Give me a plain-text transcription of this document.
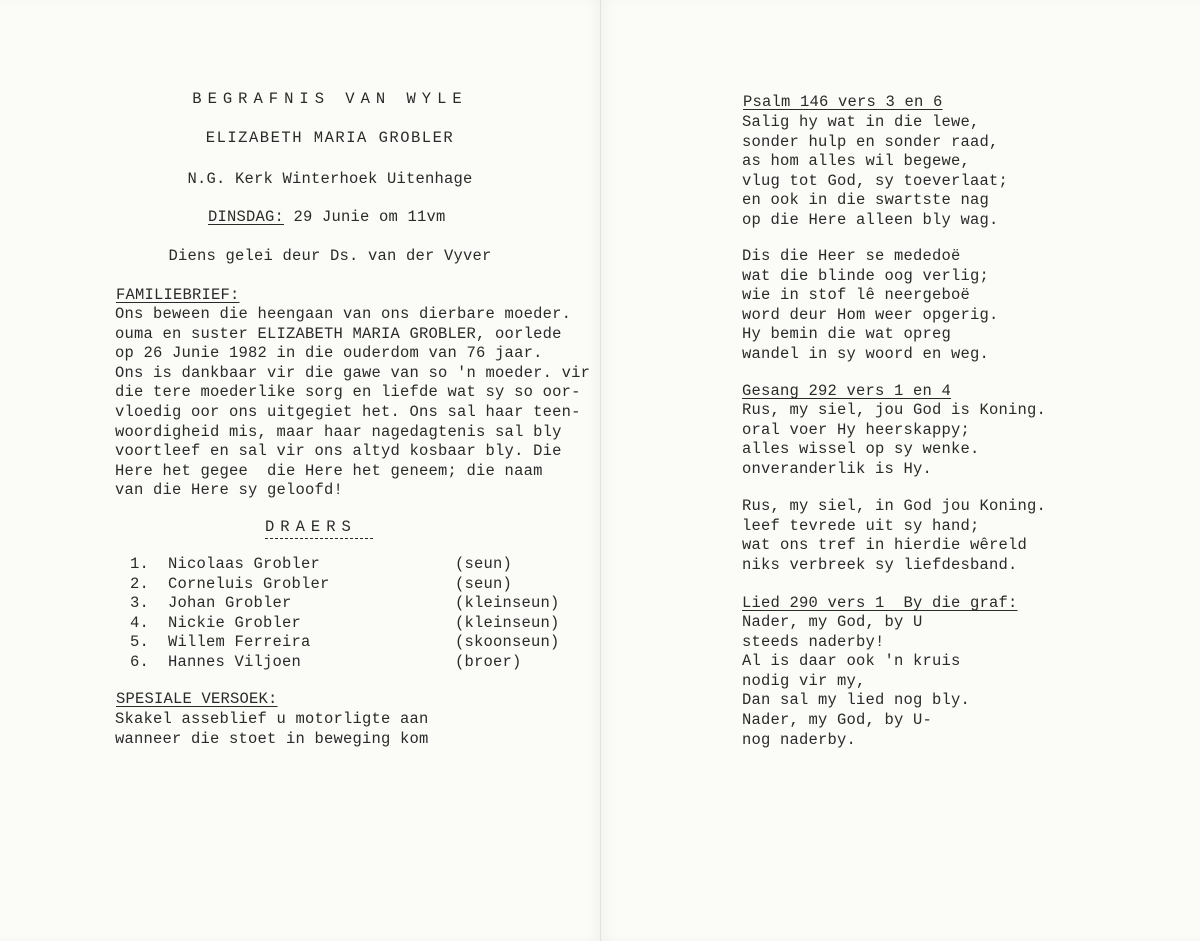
BEGRAFNIS VAN WYLE
ELIZABETH MARIA GROBLER
N.G. Kerk Winterhoek Uitenhage
DINSDAG: 29 Junie om 11vm
Diens gelei deur Ds. van der Vyver
FAMILIEBRIEF:
Ons beween die heengaan van ons dierbare moeder.
ouma en suster ELIZABETH MARIA GROBLER, oorlede
op 26 Junie 1982 in die ouderdom van 76 jaar.
Ons is dankbaar vir die gawe van so 'n moeder. vir
die tere moederlike sorg en liefde wat sy so oor-
vloedig oor ons uitgegiet het. Ons sal haar teen-
woordigheid mis, maar haar nagedagtenis sal bly
voortleef en sal vir ons altyd kosbaar bly. Die
Here het gegee  die Here het geneem; die naam
van die Here sy geloofd!
DRAERS
1. Nicolaas Grobler	(seun)
2. Corneluis Grobler	(seun)
3. Johan Grobler	(kleinseun)
4. Nickie Grobler	(kleinseun)
5. Willem Ferreira	(skoonseun)
6. Hannes Viljoen	(broer)
SPESIALE VERSOEK:
Skakel asseblief u motorligte aan
wanneer die stoet in beweging kom
Psalm 146 vers 3 en 6
Salig hy wat in die lewe,
sonder hulp en sonder raad,
as hom alles wil begewe,
vlug tot God, sy toeverlaat;
en ook in die swartste nag
op die Here alleen bly wag.
Dis die Heer se mededoë
wat die blinde oog verlig;
wie in stof lê neergeboë
word deur Hom weer opgerig.
Hy bemin die wat opreg
wandel in sy woord en weg.
Gesang 292 vers 1 en 4
Rus, my siel, jou God is Koning.
oral voer Hy heerskappy;
alles wissel op sy wenke.
onveranderlik is Hy.
Rus, my siel, in God jou Koning.
leef tevrede uit sy hand;
wat ons tref in hierdie wêreld
niks verbreek sy liefdesband.
Lied 290 vers 1  By die graf:
Nader, my God, by U
steeds naderby!
Al is daar ook 'n kruis
nodig vir my,
Dan sal my lied nog bly.
Nader, my God, by U-
nog naderby.
